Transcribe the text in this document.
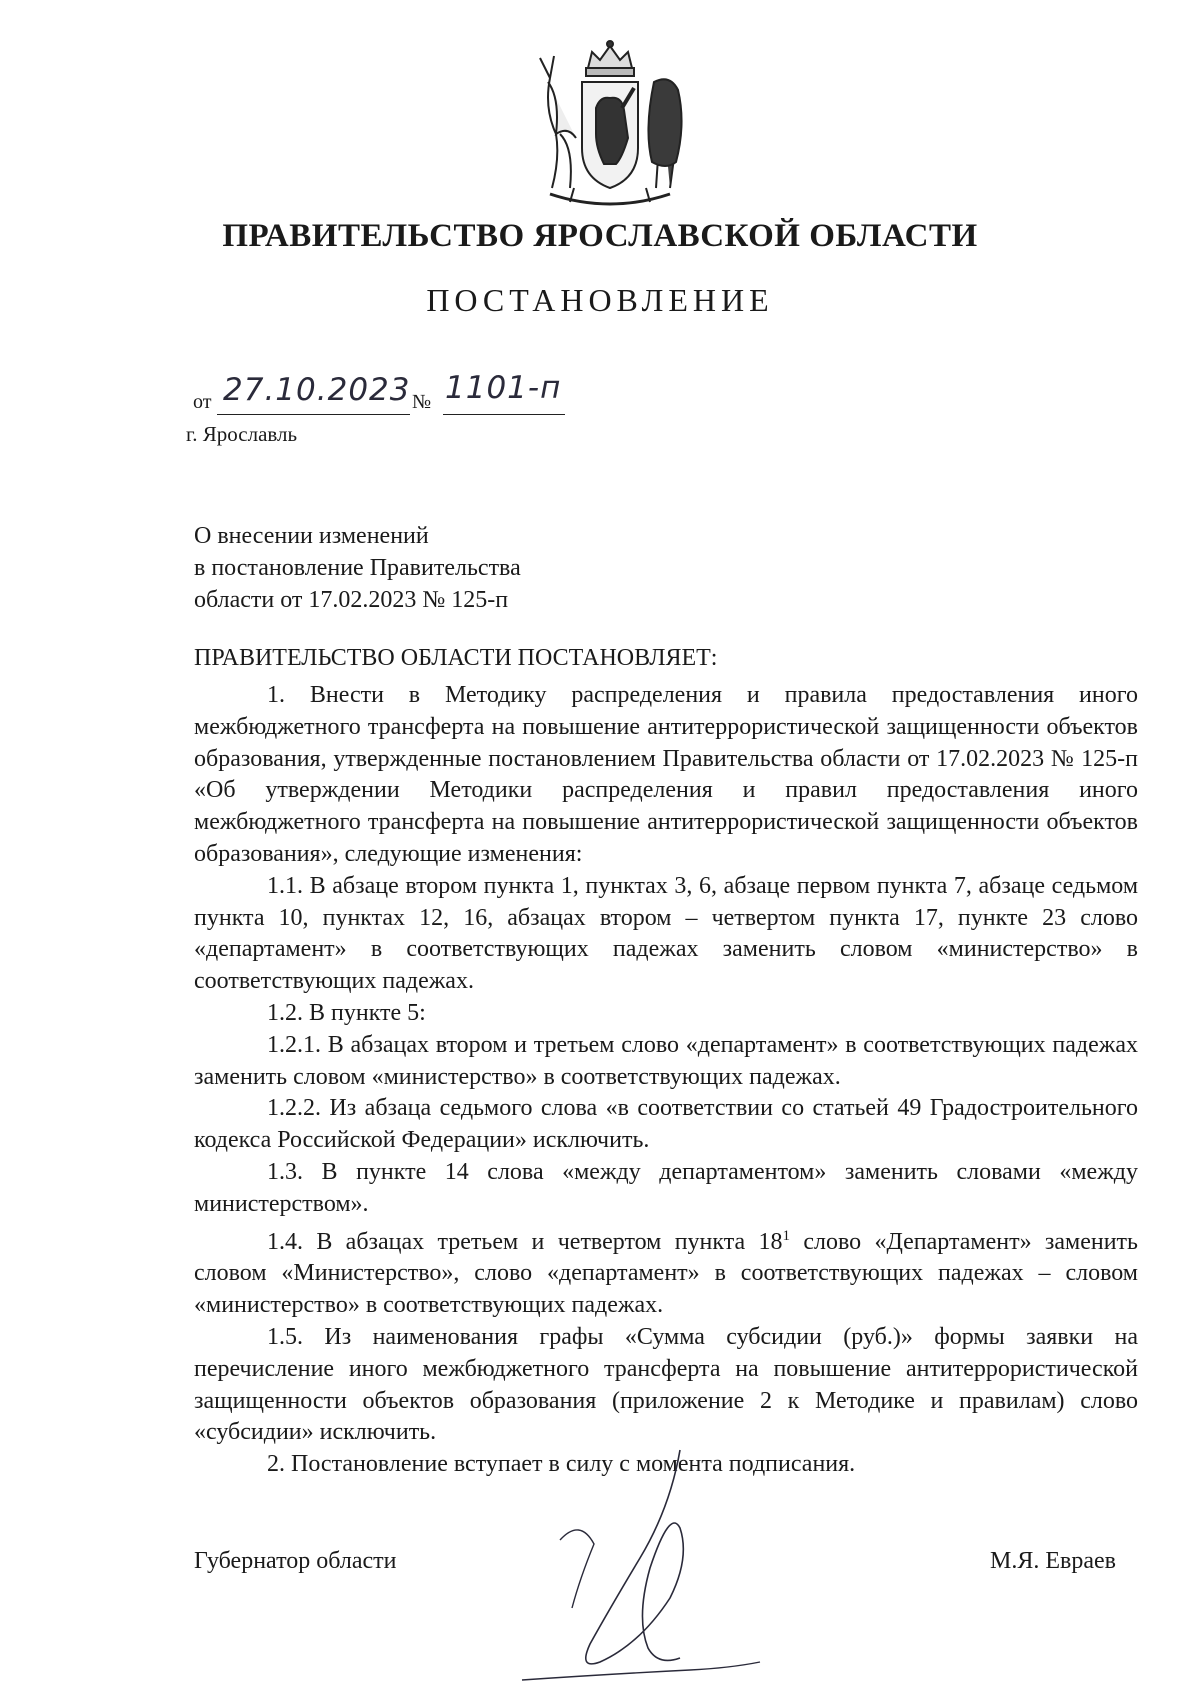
ПРАВИТЕЛЬСТВО ЯРОСЛАВСКОЙ ОБЛАСТИ
ПОСТАНОВЛЕНИЕ
от 27.10.2023 № 1101-п
г. Ярославль
О внесении изменений
в постановление Правительства
области от 17.02.2023 № 125-п
ПРАВИТЕЛЬСТВО ОБЛАСТИ ПОСТАНОВЛЯЕТ:

1. Внести в Методику распределения и правила предоставления иного межбюджетного трансферта на повышение антитеррористической защищенности объектов образования, утвержденные постановлением Правительства области от 17.02.2023 № 125-п «Об утверждении Методики распределения и правил предоставления иного межбюджетного трансферта на повышение антитеррористической защищенности объектов образования», следующие изменения:

1.1. В абзаце втором пункта 1, пунктах 3, 6, абзаце первом пункта 7, абзаце седьмом пункта 10, пунктах 12, 16, абзацах втором – четвертом пункта 17, пункте 23 слово «департамент» в соответствующих падежах заменить словом «министерство» в соответствующих падежах.

1.2. В пункте 5:

1.2.1. В абзацах втором и третьем слово «департамент» в соответствующих падежах заменить словом «министерство» в соответствующих падежах.

1.2.2. Из абзаца седьмого слова «в соответствии со статьей 49 Градостроительного кодекса Российской Федерации» исключить.

1.3. В пункте 14 слова «между департаментом» заменить словами «между министерством».

1.4. В абзацах третьем и четвертом пункта $18^1$ слово «Департамент» заменить словом «Министерство», слово «департамент» в соответствующих падежах – словом «министерство» в соответствующих падежах.

1.5. Из наименования графы «Сумма субсидии (руб.)» формы заявки на перечисление иного межбюджетного трансферта на повышение антитеррористической защищенности объектов образования (приложение 2 к Методике и правилам) слово «субсидии» исключить.

2. Постановление вступает в силу с момента подписания.

Губернатор области	М.Я. Евраев
